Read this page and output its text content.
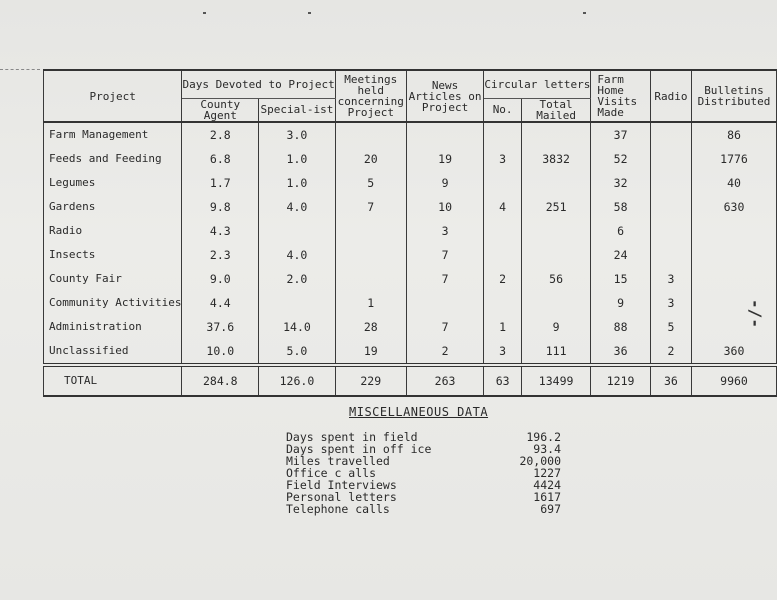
Project	Days Devoted to Project		Meetings held concerning Project	News Articles on Project	Circular letters		Farm Home Visits Made	Radio	Bulletins Distributed
	County Agent	Special-ist			No.	Total Mailed			
Farm Management	2.8	3.0					37		86
Feeds and Feeding	6.8	1.0	20	19	3	3832	52		1776
Legumes	1.7	1.0	5	9			32		40
Gardens	9.8	4.0	7	10	4	251	58		630
Radio	4.3			3			6		
Insects	2.3	4.0		7			24		
County Fair	9.0	2.0		7	2	56	15	3	
Community Activities	4.4		1				9	3	
Administration	37.6	14.0	28	7	1	9	88	5	
Unclassified	10.0	5.0	19	2	3	111	36	2	360
TOTAL	284.8	126.0	229	263	63	13499	1219	36	9960
MISCELLANEOUS DATA
Days spent in field	196.2
Days spent in off ice	93.4
Miles travelled	20,000
Office c alls	1227
Field Interviews	4424
Personal letters	1617
Telephone calls	697
-/-
